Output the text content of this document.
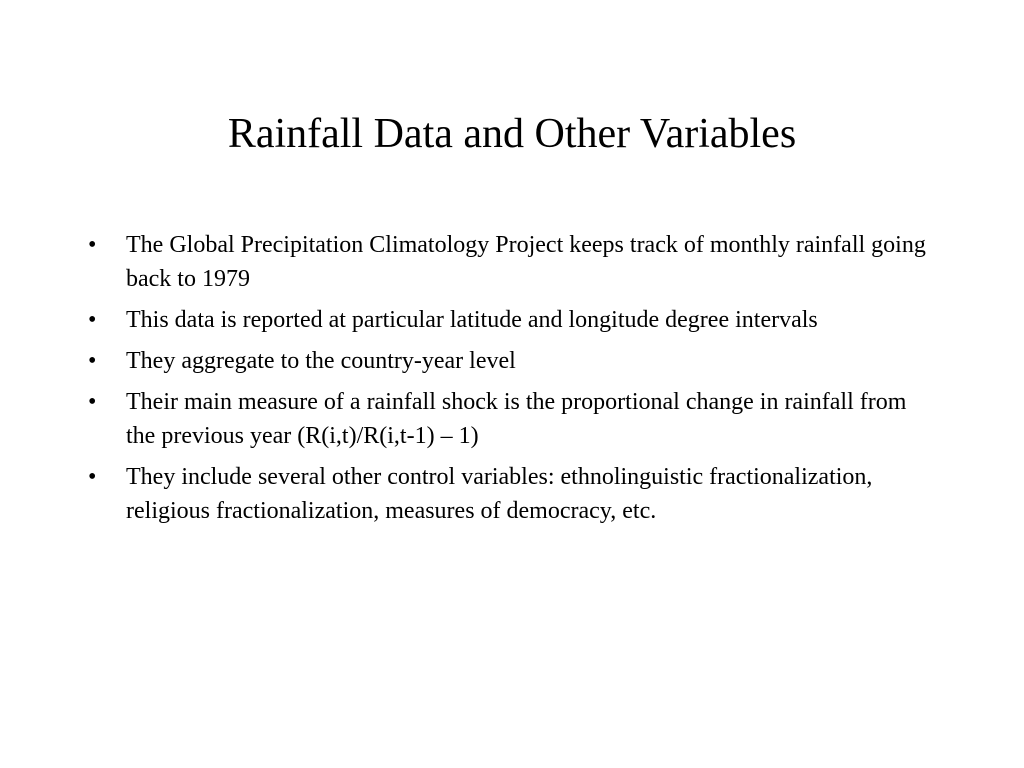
Rainfall Data and Other Variables
•	The Global Precipitation Climatology Project keeps track of monthly rainfall going back to 1979
•	This data is reported at particular latitude and longitude degree intervals
•	They aggregate to the country-year level
•	Their main measure of a rainfall shock is the proportional change in rainfall from the previous year (R(i,t)/R(i,t-1) – 1)
•	They include several other control variables: ethnolinguistic fractionalization, religious fractionalization, measures of democracy, etc.
